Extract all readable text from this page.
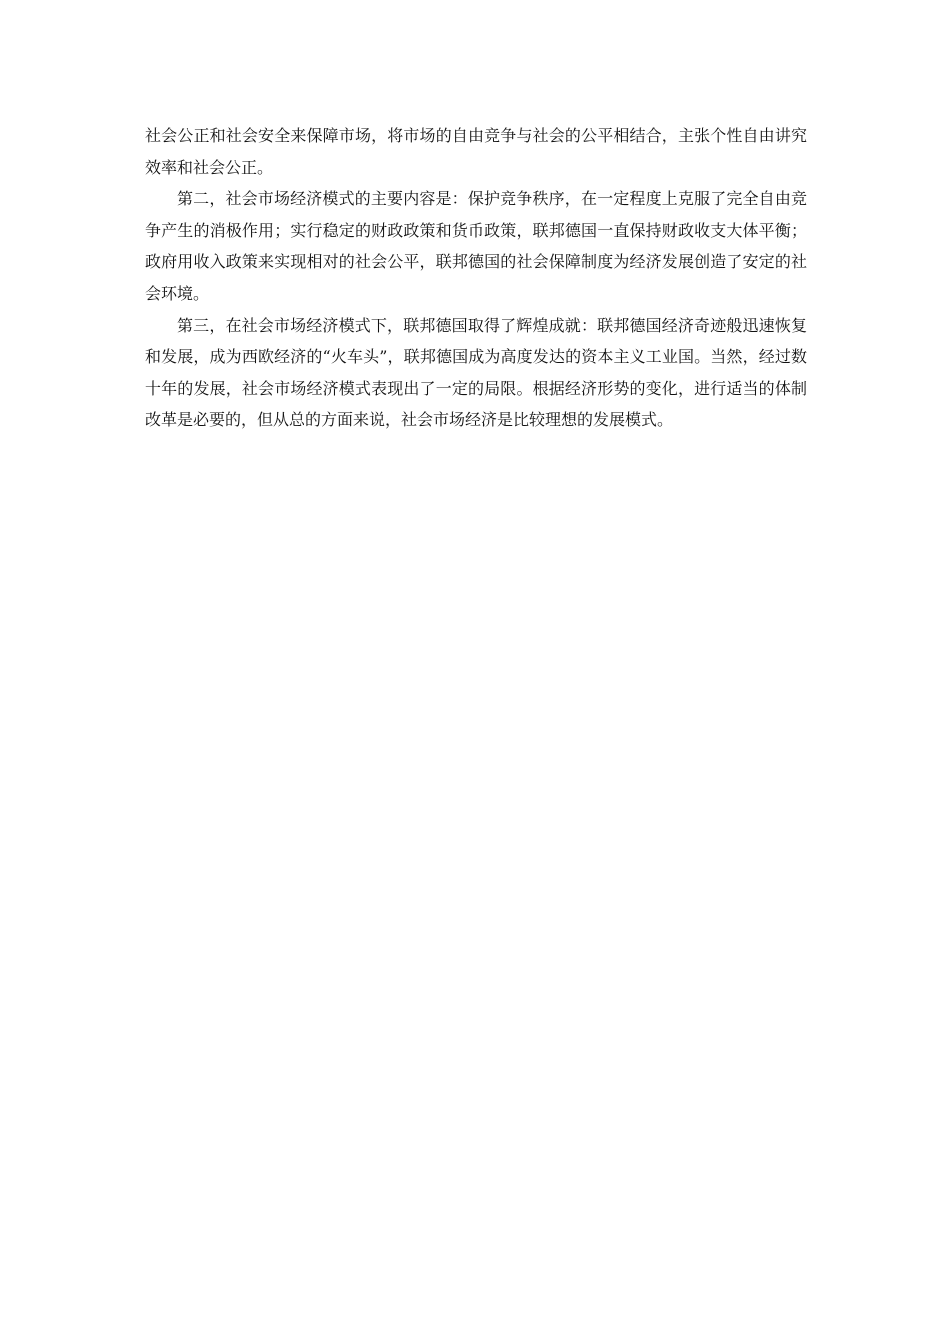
社会公正和社会安全来保障市场，将市场的自由竞争与社会的公平相结合，主张个性自由讲究效率和社会公正。

第二，社会市场经济模式的主要内容是：保护竞争秩序，在一定程度上克服了完全自由竞争产生的消极作用；实行稳定的财政政策和货币政策，联邦德国一直保持财政收支大体平衡；政府用收入政策来实现相对的社会公平，联邦德国的社会保障制度为经济发展创造了安定的社会环境。

第三，在社会市场经济模式下，联邦德国取得了辉煌成就：联邦德国经济奇迹般迅速恢复和发展，成为西欧经济的“火车头”，联邦德国成为高度发达的资本主义工业国。当然，经过数十年的发展，社会市场经济模式表现出了一定的局限。根据经济形势的变化，进行适当的体制改革是必要的，但从总的方面来说，社会市场经济是比较理想的发展模式。
